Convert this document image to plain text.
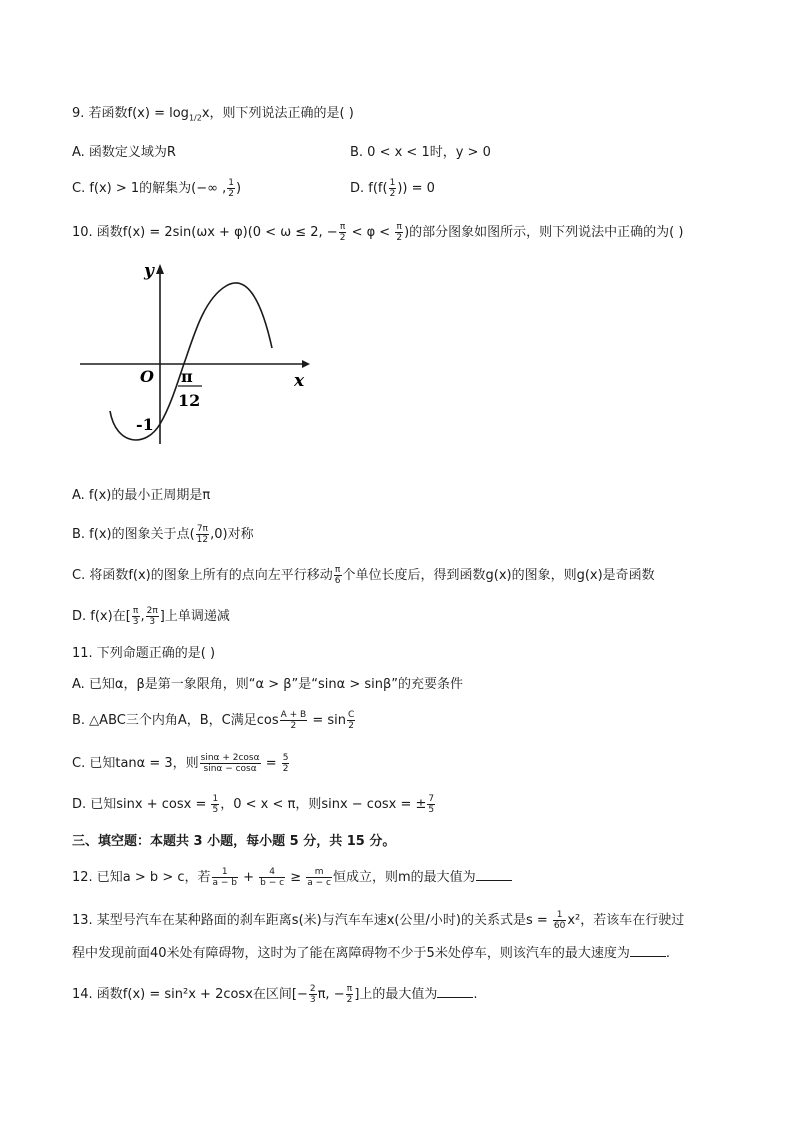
9. 若函数$f(x) = \log_{1/2}x$，则下列说法正确的是( )
A. 函数定义域为R	B. 0 < x < 1时，y > 0
C. f(x) > 1的解集为(−∞ , $\frac{1}{2}$ )	D. $f(f( \frac{1}{2}$ )) = 0
10. 函数f(x) = 2sin(ωx + φ)(0 < ω ≤ 2, − $\frac{\pi}{2} < \varphi < \frac{\pi}{2}$ )的部分图象如图所示，则下列说法中正确的为( )
y
x
O π
12
-1
A. f(x)的最小正周期是π
B. f(x)的图象关于点( $\frac{7\pi}{12} ,0$)对称
C. 将函数f(x)的图象上所有的点向左平行移动 $\frac{\pi}{6}$ 个单位长度后，得到函数g(x)的图象，则g(x)是奇函数
D. f(x)在[ $\frac{\pi}{3}$ , $\frac{2\pi}{3}$ ]上单调递减
11. 下列命题正确的是( )
A. 已知α，β是第一象限角，则“α > β”是“sinα > sinβ”的充要条件
B. △ABC三个内角A，B，C满足$\cos \frac{A + B}{2} = \sin \frac{C}{2}$
C. 已知tanα = 3，则 $\frac{\sin\alpha + 2\cos\alpha}{\sin\alpha - \cos\alpha} = \frac{5}{2}$
D. 已知$\sin x + \cos x = \frac{1}{5}$ ，0 < x < π，则sinx − cosx = ± $\frac{7}{5}$
三、填空题：本题共 3 小题，每小题 5 分，共 15 分。
12. 已知a > b > c，若 $\frac{1}{a - b} + \frac{4}{b - c} \ge \frac{m}{a - c}$ 恒成立，则m的最大值为
13. 某型号汽车在某种路面的刹车距离s(米)与汽车车速x(公里/小时)的关系式是$s = \frac{1}{60} x^2$，若该车在行驶过
程中发现前面40米处有障碍物，这时为了能在离障碍物不少于5米处停车，则该汽车的最大速度为	.
14. 函数f(x) = sin²x + 2cosx在区间[− $\frac{2}{3} \pi$, − $\frac{\pi}{2}$ ]上的最大值为	.
